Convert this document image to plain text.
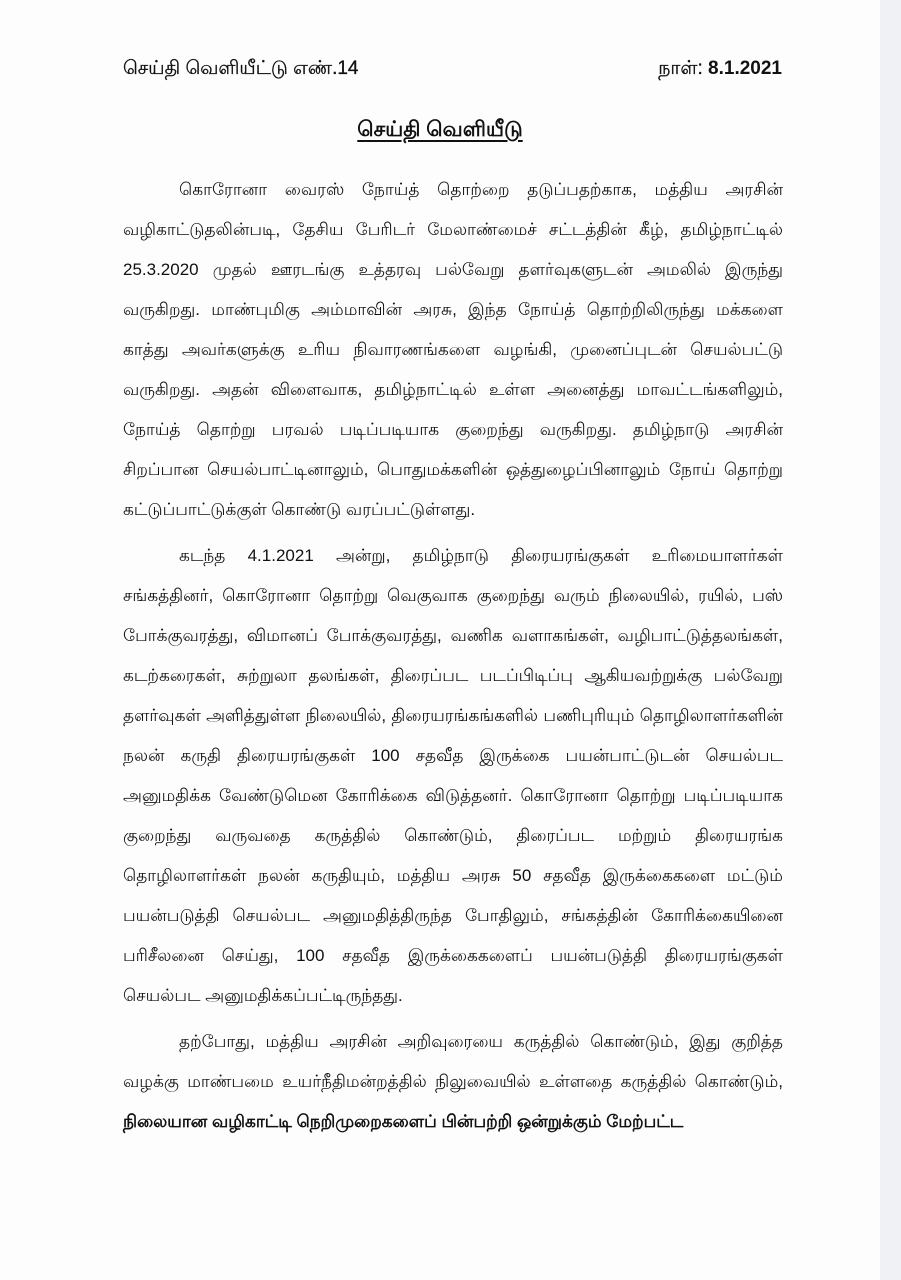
செய்தி வெளியீட்டு எண்.14	நாள்: 8.1.2021
செய்தி வெளியீடு

கொரோனா வைரஸ் நோய்த் தொற்றை தடுப்பதற்காக, மத்திய அரசின் வழிகாட்டுதலின்படி, தேசிய பேரிடர் மேலாண்மைச் சட்டத்தின் கீழ், தமிழ்நாட்டில் 25.3.2020 முதல் ஊரடங்கு உத்தரவு பல்வேறு தளர்வுகளுடன் அமலில் இருந்து வருகிறது. மாண்புமிகு அம்மாவின் அரசு, இந்த நோய்த் தொற்றிலிருந்து மக்களை காத்து அவர்களுக்கு உரிய நிவாரணங்களை வழங்கி, முனைப்புடன் செயல்பட்டு வருகிறது. அதன் விளைவாக, தமிழ்நாட்டில் உள்ள அனைத்து மாவட்டங்களிலும், நோய்த் தொற்று பரவல் படிப்படியாக குறைந்து வருகிறது. தமிழ்நாடு அரசின் சிறப்பான செயல்பாட்டினாலும், பொதுமக்களின் ஒத்துழைப்பினாலும் நோய் தொற்று கட்டுப்பாட்டுக்குள் கொண்டு வரப்பட்டுள்ளது.

கடந்த 4.1.2021 அன்று, தமிழ்நாடு திரையரங்குகள் உரிமையாளர்கள் சங்கத்தினர், கொரோனா தொற்று வெகுவாக குறைந்து வரும் நிலையில், ரயில், பஸ் போக்குவரத்து, விமானப் போக்குவரத்து, வணிக வளாகங்கள், வழிபாட்டுத்தலங்கள், கடற்கரைகள், சுற்றுலா தலங்கள், திரைப்பட படப்பிடிப்பு ஆகியவற்றுக்கு பல்வேறு தளர்வுகள் அளித்துள்ள நிலையில், திரையரங்கங்களில் பணிபுரியும் தொழிலாளர்களின் நலன் கருதி திரையரங்குகள் 100 சதவீத இருக்கை பயன்பாட்டுடன் செயல்பட அனுமதிக்க வேண்டுமென கோரிக்கை விடுத்தனர். கொரோனா தொற்று படிப்படியாக குறைந்து வருவதை கருத்தில் கொண்டும், திரைப்பட மற்றும் திரையரங்க தொழிலாளர்கள் நலன் கருதியும், மத்திய அரசு 50 சதவீத இருக்கைகளை மட்டும் பயன்படுத்தி செயல்பட அனுமதித்திருந்த போதிலும், சங்கத்தின் கோரிக்கையினை பரிசீலனை செய்து, 100 சதவீத இருக்கைகளைப் பயன்படுத்தி திரையரங்குகள் செயல்பட அனுமதிக்கப்பட்டிருந்தது.

தற்போது, மத்திய அரசின் அறிவுரையை கருத்தில் கொண்டும், இது குறித்த வழக்கு மாண்பமை உயர்நீதிமன்றத்தில் நிலுவையில் உள்ளதை கருத்தில் கொண்டும், நிலையான வழிகாட்டி நெறிமுறைகளைப் பின்பற்றி ஒன்றுக்கும் மேற்பட்ட
